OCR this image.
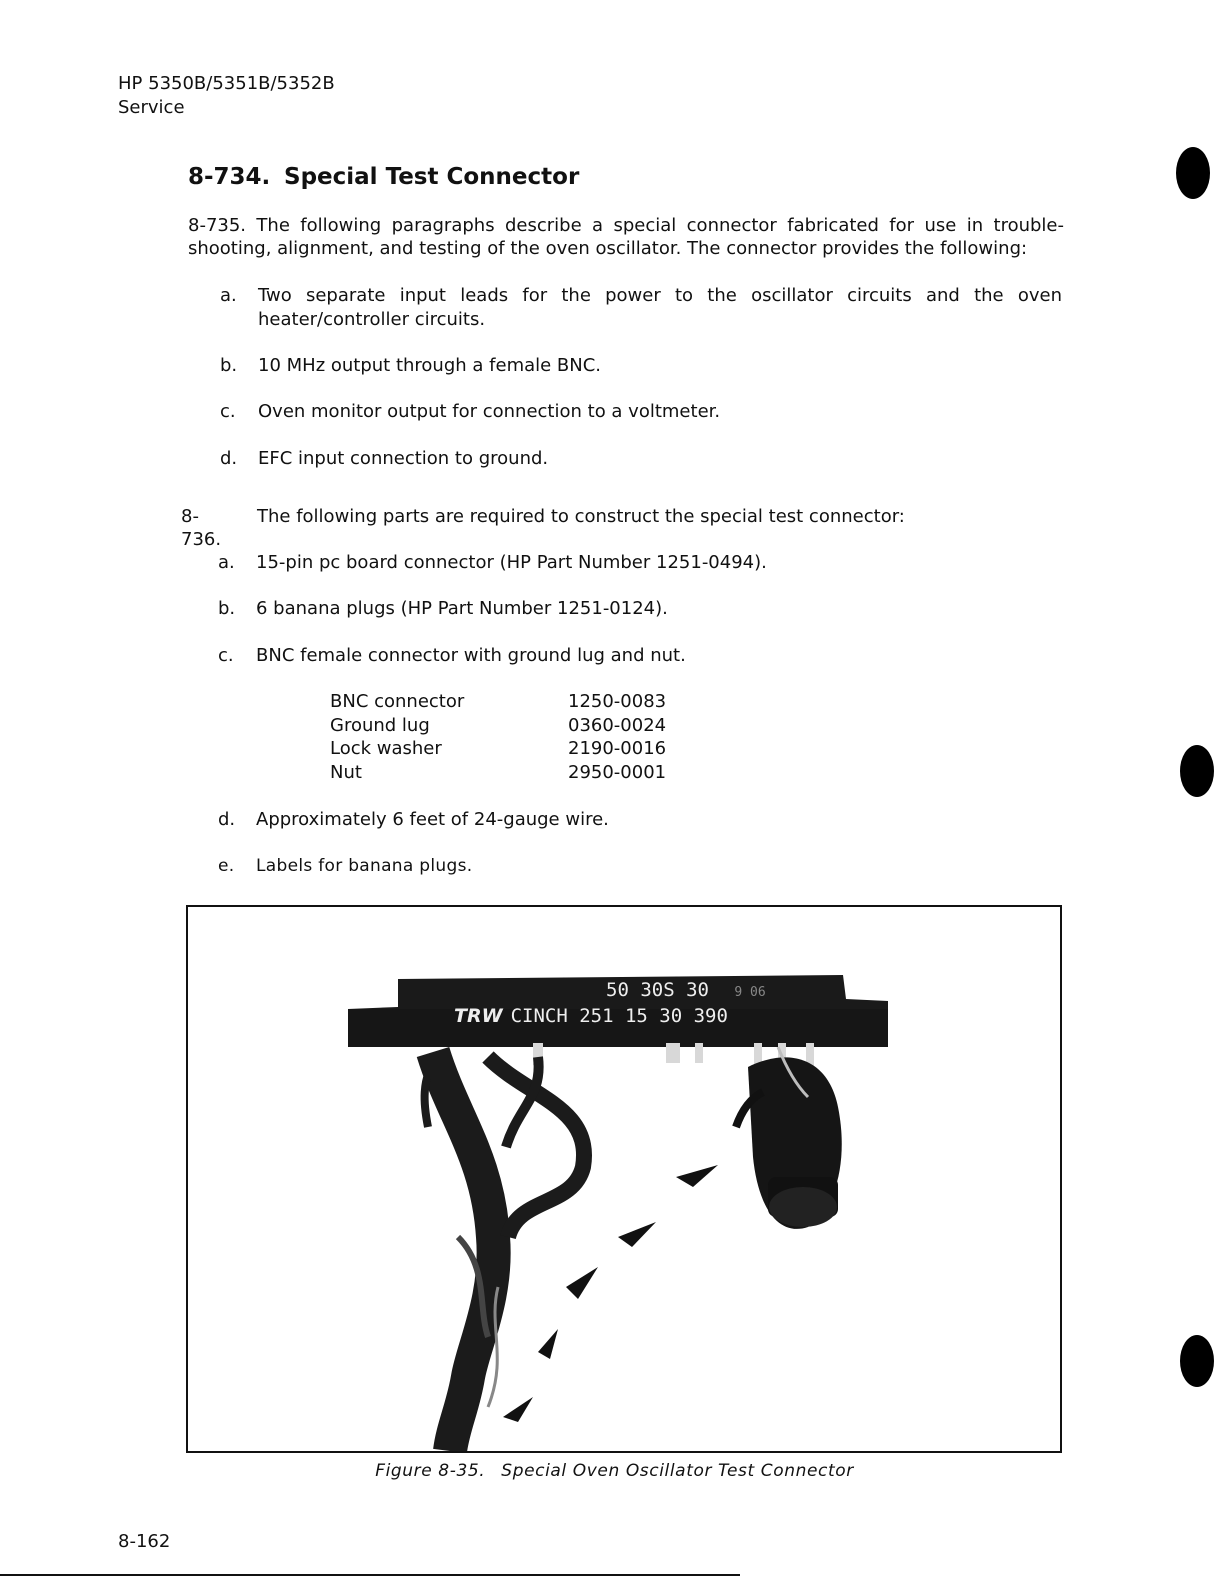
HP 5350B/5351B/5352B
Service
8-734. Special Test Connector
8-735. The following paragraphs describe a special connector fabricated for use in trouble-shooting, alignment, and testing of the oven oscillator. The connector provides the following:
a. Two separate input leads for the power to the oscillator circuits and the oven
heater/controller circuits.
b. 10 MHz output through a female BNC.
c. Oven monitor output for connection to a voltmeter.
d. EFC input connection to ground.
8-736.
The following parts are required to construct the special test connector:
a. 15-pin pc board connector (HP Part Number 1251-0494).
b. 6 banana plugs (HP Part Number 1251-0124).
c. BNC female connector with ground lug and nut.
BNC connector	1250-0083
Ground lug	0360-0024
Lock washer	2190-0016
Nut	2950-0001
d. Approximately 6 feet of 24-gauge wire.
e. Labels for banana plugs.
50 30S 30 9 06
TRW CINCH 251 15 30 390
Figure 8-35. Special Oven Oscillator Test Connector
8-162
